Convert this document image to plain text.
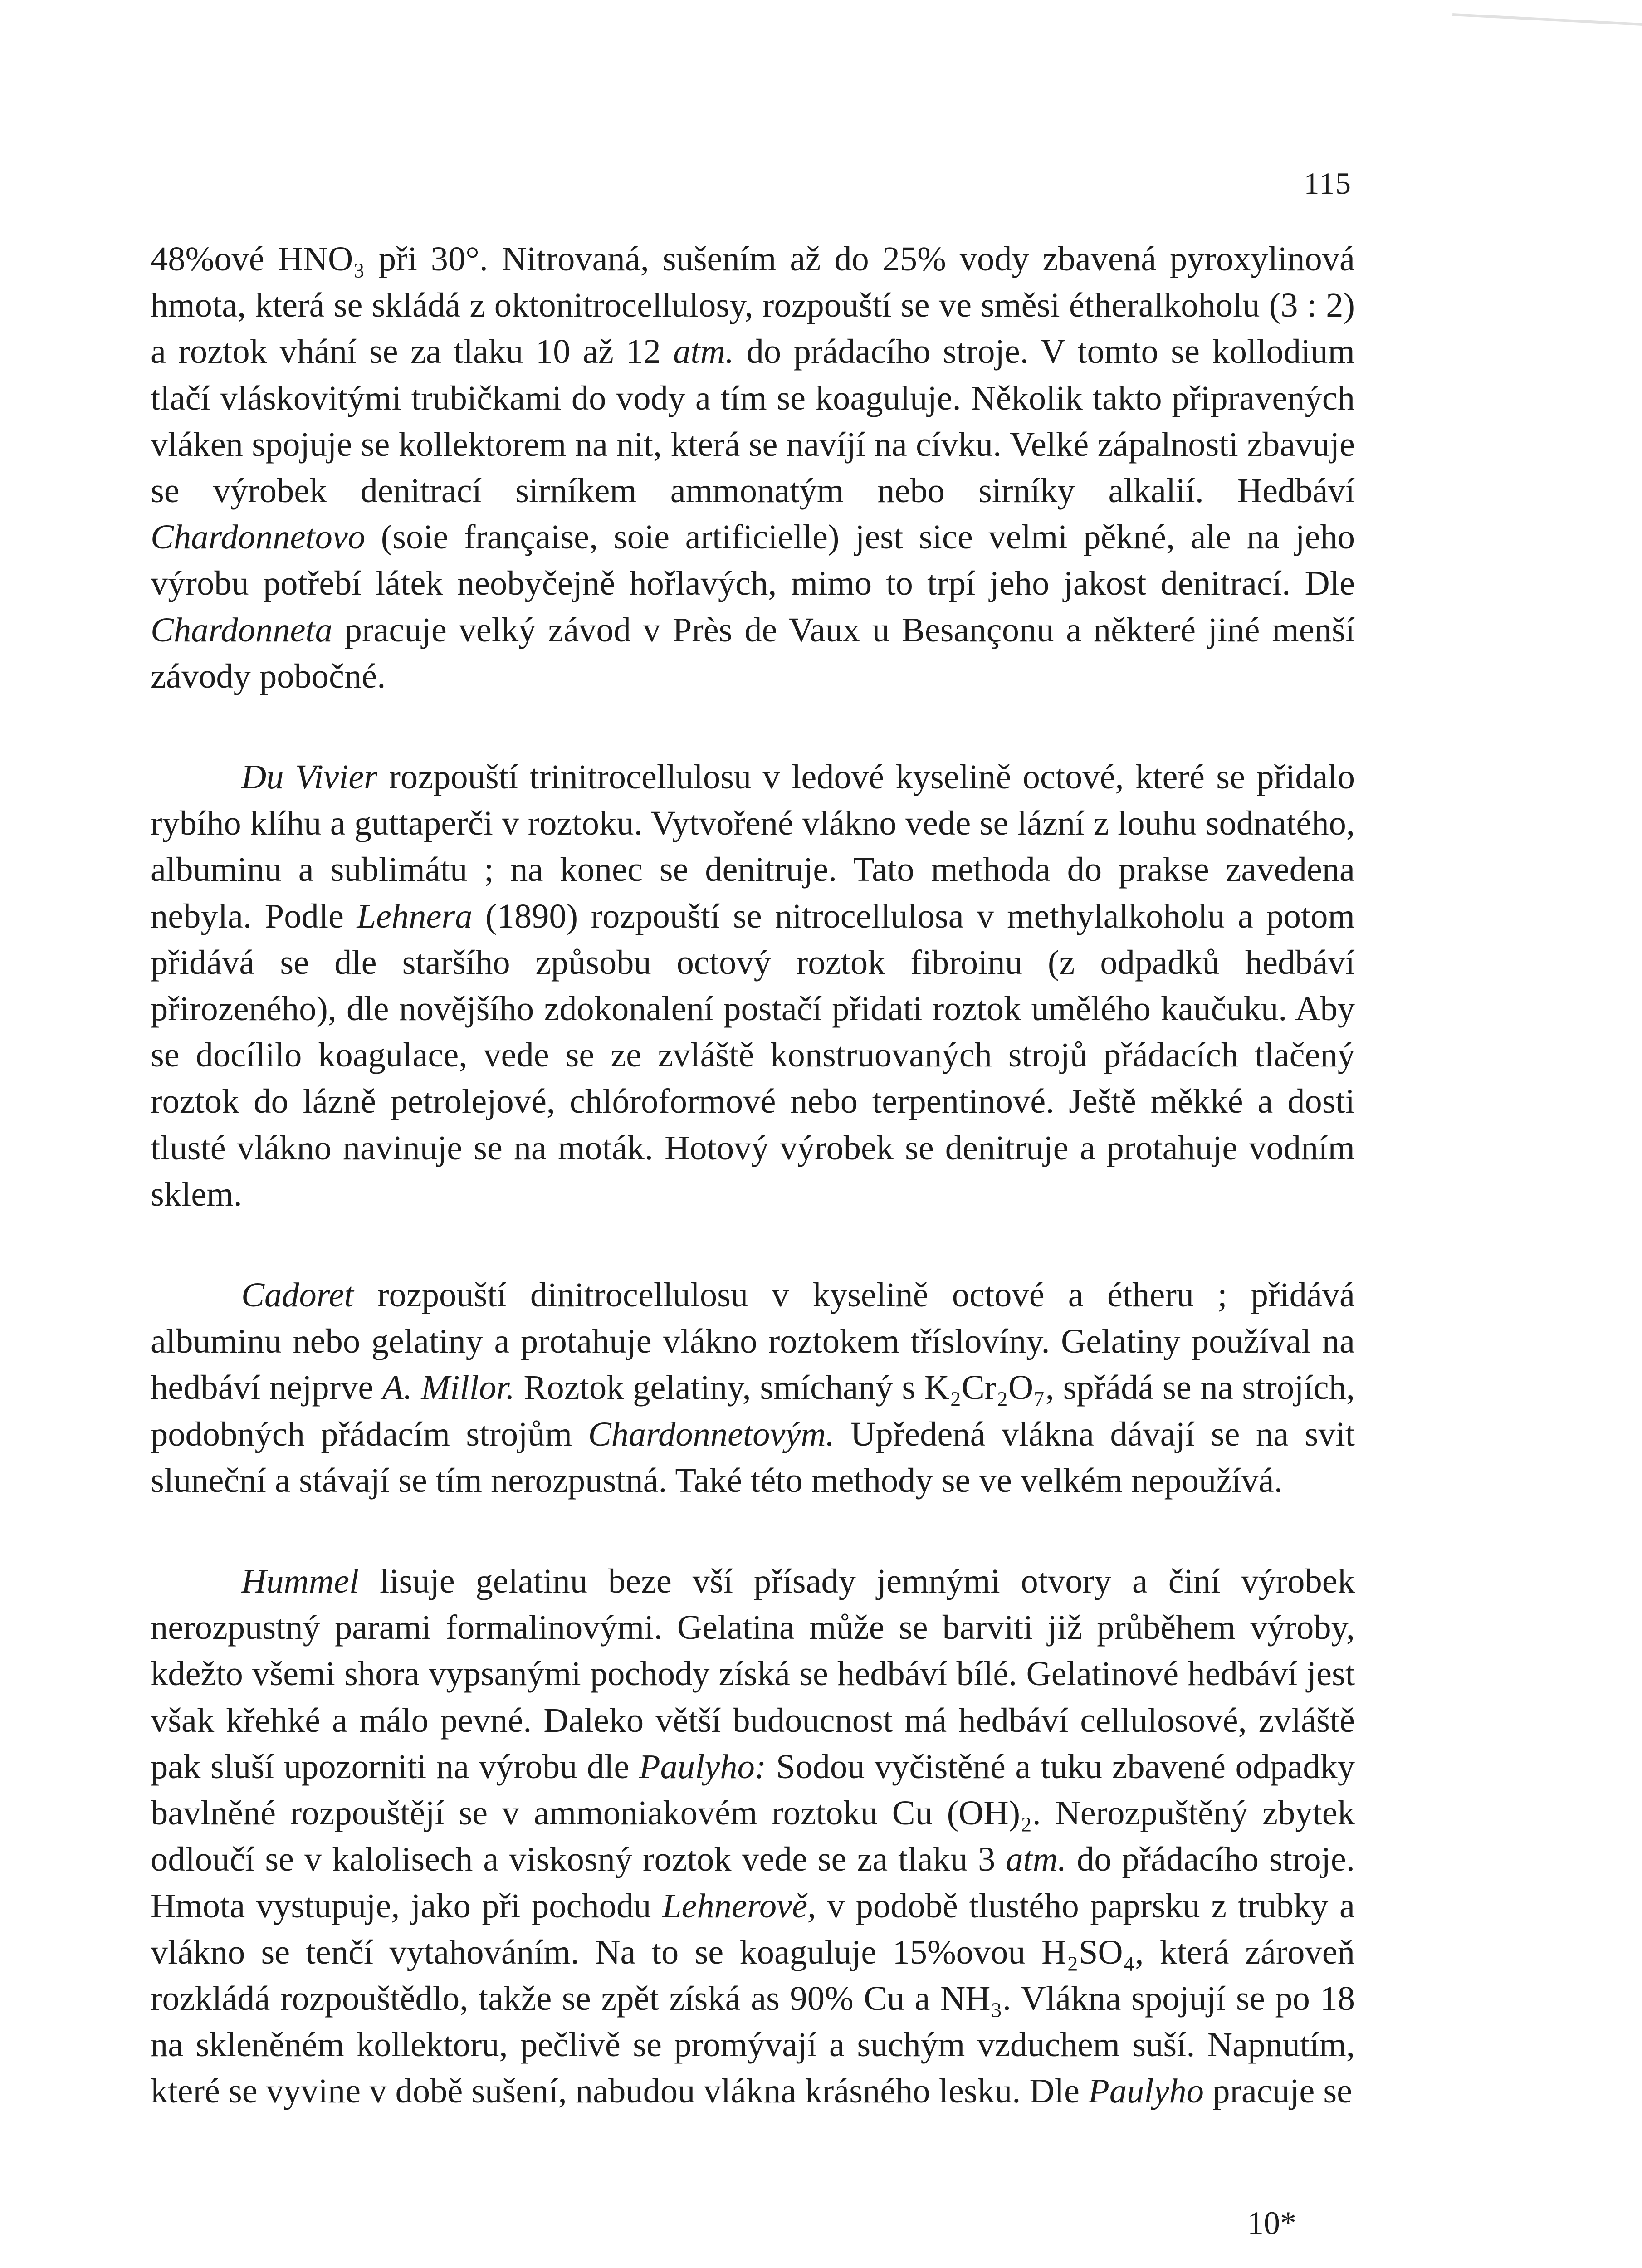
115

48%ové HNO₃ při 30°. Nitrovaná, sušením až do 25% vody zbavená pyroxylinová hmota, která se skládá z oktonitrocellulosy, rozpouští se ve směsi étheralkoholu (3 : 2) a roztok vhání se za tlaku 10 až 12 atm. do prádacího stroje. V tomto se kollodium tlačí vláskovitými trubičkami do vody a tím se koaguluje. Několik takto připravených vláken spojuje se kollektorem na nit, která se navíjí na cívku. Velké zápalnosti zbavuje se výrobek denitrací sirníkem ammonatým nebo sirníky alkalií. Hedbáví Chardonnetovo (soie française, soie artificielle) jest sice velmi pěkné, ale na jeho výrobu potřebí látek neobyčejně hořlavých, mimo to trpí jeho jakost denitrací. Dle Chardonneta pracuje velký závod v Près de Vaux u Besançonu a některé jiné menší závody pobočné.

Du Vivier rozpouští trinitrocellulosu v ledové kyselině octové, které se přidalo rybího klíhu a guttaperči v roztoku. Vytvořené vlákno vede se lázní z louhu sodnatého, albuminu a sublimátu ; na konec se denitruje. Tato methoda do prakse zavedena nebyla. Podle Lehnera (1890) rozpouští se nitrocellulosa v methylalkoholu a potom přidává se dle staršího způsobu octový roztok fibroinu (z odpadků hedbáví přirozeného), dle novějšího zdokonalení postačí přidati roztok umělého kaučuku. Aby se docílilo koagulace, vede se ze zvláště konstruovaných strojů přádacích tlačený roztok do lázně petrolejové, chlóroformové nebo terpentinové. Ještě měkké a dosti tlusté vlákno navinuje se na moták. Hotový výrobek se denitruje a protahuje vodním sklem.

Cadoret rozpouští dinitrocellulosu v kyselině octové a étheru ; přidává albuminu nebo gelatiny a protahuje vlákno roztokem tříslovíny. Gelatiny používal na hedbáví nejprve A. Millor. Roztok gelatiny, smíchaný s K₂Cr₂O₇, spřádá se na strojích, podobných přádacím strojům Chardonnetovým. Upředená vlákna dávají se na svit sluneční a stávají se tím nerozpustná. Také této methody se ve velkém nepoužívá.

Hummel lisuje gelatinu beze vší přísady jemnými otvory a činí výrobek nerozpustný parami formalinovými. Gelatina může se barviti již průběhem výroby, kdežto všemi shora vypsanými pochody získá se hedbáví bílé. Gelatinové hedbáví jest však křehké a málo pevné. Daleko větší budoucnost má hedbáví cellulosové, zvláště pak sluší upozorniti na výrobu dle Paulyho: Sodou vyčistěné a tuku zbavené odpadky bavlněné rozpouštějí se v ammoniakovém roztoku Cu (OH)₂. Nerozpuštěný zbytek odloučí se v kalolisech a viskosný roztok vede se za tlaku 3 atm. do přádacího stroje. Hmota vystupuje, jako při pochodu Lehnerově, v podobě tlustého paprsku z trubky a vlákno se tenčí vytahováním. Na to se koaguluje 15%ovou H₂SO₄, která zároveň rozkládá rozpouštědlo, takže se zpět získá as 90% Cu a NH₃. Vlákna spojují se po 18 na skleněném kollektoru, pečlivě se promývají a suchým vzduchem suší. Napnutím, které se vyvine v době sušení, nabudou vlákna krásného lesku. Dle Paulyho pracuje se

10*
